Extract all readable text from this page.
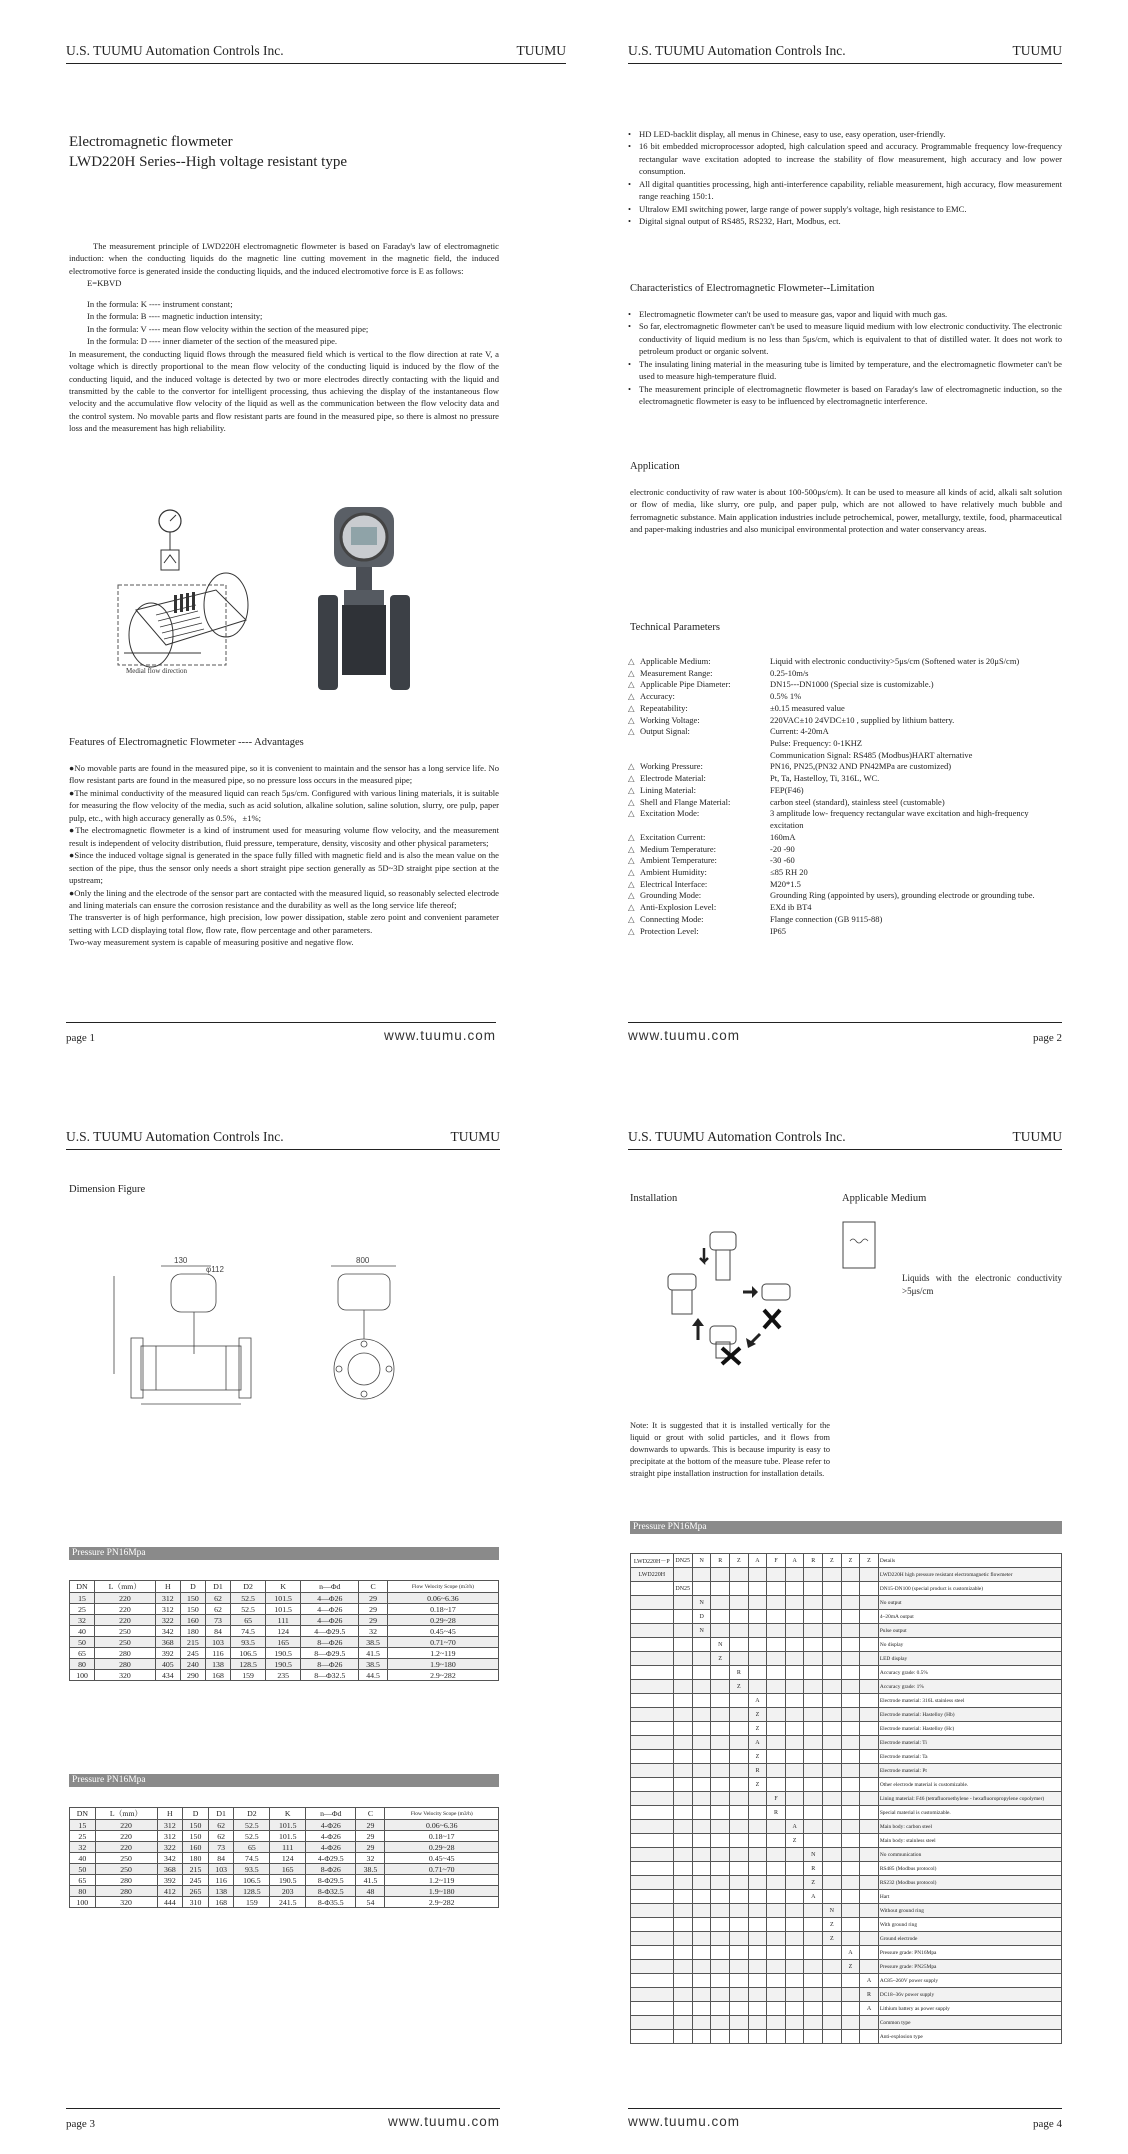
U.S. TUUMU Automation Controls Inc.	TUUMU
Electromagnetic flowmeter
LWD220H Series--High voltage resistant type
The measurement principle of LWD220H electromagnetic flowmeter is based on Faraday's law of electromagnetic induction: when the conducting liquids do the magnetic line cutting movement in the magnetic field, the induced electromotive force is generated inside the conducting liquids, and the induced electromotive force is E as follows:
E=KBVD
In the formula: K ---- instrument constant;
In the formula: B ---- magnetic induction intensity;
In the formula: V ---- mean flow velocity within the section of the measured pipe;
In the formula: D ---- inner diameter of the section of the measured pipe.
In measurement, the conducting liquid flows through the measured field which is vertical to the flow direction at rate V, a voltage which is directly proportional to the mean flow velocity of the conducting liquid is induced by the flow of the conducting liquid, and the induced voltage is detected by two or more electrodes directly contacting with the liquid and transmitted by the cable to the convertor for intelligent processing, thus achieving the display of the instantaneous flow velocity and the accumulative flow velocity of the liquid as well as the communication between the flow velocity data and the control system. No movable parts and flow resistant parts are found in the measured pipe, so there is almost no pressure loss and the measurement has high reliability.
Medial flow direction
Features of Electromagnetic Flowmeter ---- Advantages
●No movable parts are found in the measured pipe, so it is convenient to maintain and the sensor has a long service life. No flow resistant parts are found in the measured pipe, so no pressure loss occurs in the measured pipe;
●The minimal conductivity of the measured liquid can reach 5μs/cm. Configured with various lining materials, it is suitable for measuring the flow velocity of the media, such as acid solution, alkaline solution, saline solution, slurry, ore pulp, paper pulp, etc., with high accuracy generally as 0.5%，±1%;
●The electromagnetic flowmeter is a kind of instrument used for measuring volume flow velocity, and the measurement result is independent of velocity distribution, fluid pressure, temperature, density, viscosity and other physical parameters;
●Since the induced voltage signal is generated in the space fully filled with magnetic field and is also the mean value on the section of the pipe, thus the sensor only needs a short straight pipe section generally as 5D~3D straight pipe section at the upstream;
●Only the lining and the electrode of the sensor part are contacted with the measured liquid, so reasonably selected electrode and lining materials can ensure the corrosion resistance and the durability as well as the long service life thereof;
The transverter is of high performance, high precision, low power dissipation, stable zero point and convenient parameter setting with LCD displaying total flow, flow rate, flow percentage and other parameters.
Two-way measurement system is capable of measuring positive and negative flow.
page 1	www.tuumu.com
U.S. TUUMU Automation Controls Inc.	TUUMU
• HD LED-backlit display, all menus in Chinese, easy to use, easy operation, user-friendly.
• 16 bit embedded microprocessor adopted, high calculation speed and accuracy. Programmable frequency low-frequency rectangular wave excitation adopted to increase the stability of flow measurement, high accuracy and low power consumption.
• All digital quantities processing, high anti-interference capability, reliable measurement, high accuracy, flow measurement range reaching 150:1.
• Ultralow EMI switching power, large range of power supply's voltage, high resistance to EMC.
• Digital signal output of RS485, RS232, Hart, Modbus, ect.
Characteristics of Electromagnetic Flowmeter--Limitation
• Electromagnetic flowmeter can't be used to measure gas, vapor and liquid with much gas.
• So far, electromagnetic flowmeter can't be used to measure liquid medium with low electronic conductivity. The electronic conductivity of liquid medium is no less than 5μs/cm, which is equivalent to that of distilled water. It does not work to petroleum product or organic solvent.
• The insulating lining material in the measuring tube is limited by temperature, and the electromagnetic flowmeter can't be used to measure high-temperature fluid.
• The measurement principle of electromagnetic flowmeter is based on Faraday's law of electromagnetic induction, so the electromagnetic flowmeter is easy to be influenced by electromagnetic interference.
Application
electronic conductivity of raw water is about 100-500μs/cm). It can be used to measure all kinds of acid, alkali salt solution or flow of media, like slurry, ore pulp, and paper pulp, which are not allowed to have relatively much bubble and ferromagnetic substance. Main application industries include petrochemical, power, metallurgy, textile, food, pharmaceutical and paper-making industries and also municipal environmental protection and water conservancy areas.
Technical Parameters
△	Applicable Medium:	Liquid with electronic conductivity>5μs/cm (Softened water is 20μS/cm)
△	Measurement Range:	0.25-10m/s
△	Applicable Pipe Diameter:	DN15---DN1000 (Special size is customizable.)
△	Accuracy:	0.5% 1%
△	Repeatability:	±0.15 measured value
△	Working Voltage:	220VAC±10 24VDC±10 , supplied by lithium battery.
△	Output Signal:	Current: 4-20mA
		Pulse: Frequency: 0-1KHZ
		Communication Signal: RS485 (Modbus)HART alternative
△	Working Pressure:	PN16, PN25,(PN32 AND PN42MPa are customized)
△	Electrode Material:	Pt, Ta, Hastelloy, Ti, 316L, WC.
△	Lining Material:	FEP(F46)
△	Shell and Flange Material:	carbon steel (standard), stainless steel (customable)
△	Excitation Mode:	3 amplitude low- frequency rectangular wave excitation and high-frequency excitation
△	Excitation Current:	160mA
△	Medium Temperature:	-20 -90
△	Ambient Temperature:	-30 -60
△	Ambient Humidity:	≤85 RH 20
△	Electrical Interface:	M20*1.5
△	Grounding Mode:	Grounding Ring (appointed by users), grounding electrode or grounding tube.
△	Anti-Explosion Level:	EXd ib BT4
△	Connecting Mode:	Flange connection (GB 9115-88)
△	Protection Level:	IP65
www.tuumu.com	page 2
U.S. TUUMU Automation Controls Inc.	TUUMU
Dimension Figure
130	800
φ112
Pressure PN16Mpa
DN	L（mm）	H	D	D1	D2	K	n—Φd	C	Flow Velocity Scope (m3/h)
15	220	312	150	62	52.5	101.5	4—Φ26	29	0.06~6.36
25	220	312	150	62	52.5	101.5	4—Φ26	29	0.18~17
32	220	322	160	73	65	111	4—Φ26	29	0.29~28
40	250	342	180	84	74.5	124	4—Φ29.5	32	0.45~45
50	250	368	215	103	93.5	165	8—Φ26	38.5	0.71~70
65	280	392	245	116	106.5	190.5	8—Φ29.5	41.5	1.2~119
80	280	405	240	138	128.5	190.5	8—Φ26	38.5	1.9~180
100	320	434	290	168	159	235	8—Φ32.5	44.5	2.9~282
Pressure PN16Mpa
DN	L（mm）	H	D	D1	D2	K	n—Φd	C	Flow Velocity Scope (m3/h)
15	220	312	150	62	52.5	101.5	4-Φ26	29	0.06~6.36
25	220	312	150	62	52.5	101.5	4-Φ26	29	0.18~17
32	220	322	160	73	65	111	4-Φ26	29	0.29~28
40	250	342	180	84	74.5	124	4-Φ29.5	32	0.45~45
50	250	368	215	103	93.5	165	8-Φ26	38.5	0.71~70
65	280	392	245	116	106.5	190.5	8-Φ29.5	41.5	1.2~119
80	280	412	265	138	128.5	203	8-Φ32.5	48	1.9~180
100	320	444	310	168	159	241.5	8-Φ35.5	54	2.9~282
page 3	www.tuumu.com
U.S. TUUMU Automation Controls Inc.	TUUMU
Installation	Applicable Medium
Liquids with the electronic conductivity >5μs/cm
Note: It is suggested that it is installed vertically for the liquid or grout with solid particles, and it flows from downwards to upwards. This is because impurity is easy to precipitate at the bottom of the measure tube. Please refer to straight pipe installation instruction for installation details.
Pressure PN16Mpa
LWD220H－P	DN25	N	R	Z	A	F	A	R	Z	Z	Z	Details
LWD220H												LWD220H high pressure resistant electromagnetic flowmeter
	DN25											DN15-DN100 (special product is customizable)
		N										No output
		D										4~20mA output
		N										Pulse output
			N									No display
			Z									LED display
				R								Accuracy grade: 0.5%
				Z								Accuracy grade: 1%
					A							Electrode material: 316L stainless steel
					Z							Electrode material: Hastelloy (Hb)
					Z							Electrode material: Hastelloy (Hc)
					A							Electrode material: Ti
					Z							Electrode material: Ta
					R							Electrode material: Pt
					Z							Other electrode material is customizable.
						F						Lining material: F46 (tetrafluoroethylene - hexafluoropropylene copolymer)
						R						Special material is customizable.
							A					Main body: carbon steel
							Z					Main body: stainless steel
								N				No communication
								R				RS485 (Modbus protocol)
								Z				RS232 (Modbus protocol)
								A				Hart
									N			Without ground ring
									Z			With ground ring
									Z			Ground electrode
										A		Pressure grade: PN16Mpa
										Z		Pressure grade: PN25Mpa
											A	AC85~260V power supply
											R	DC18~36v power supply
											A	Lithium battery as power supply
												Common type
												Anti-explosion type
www.tuumu.com	page 4
